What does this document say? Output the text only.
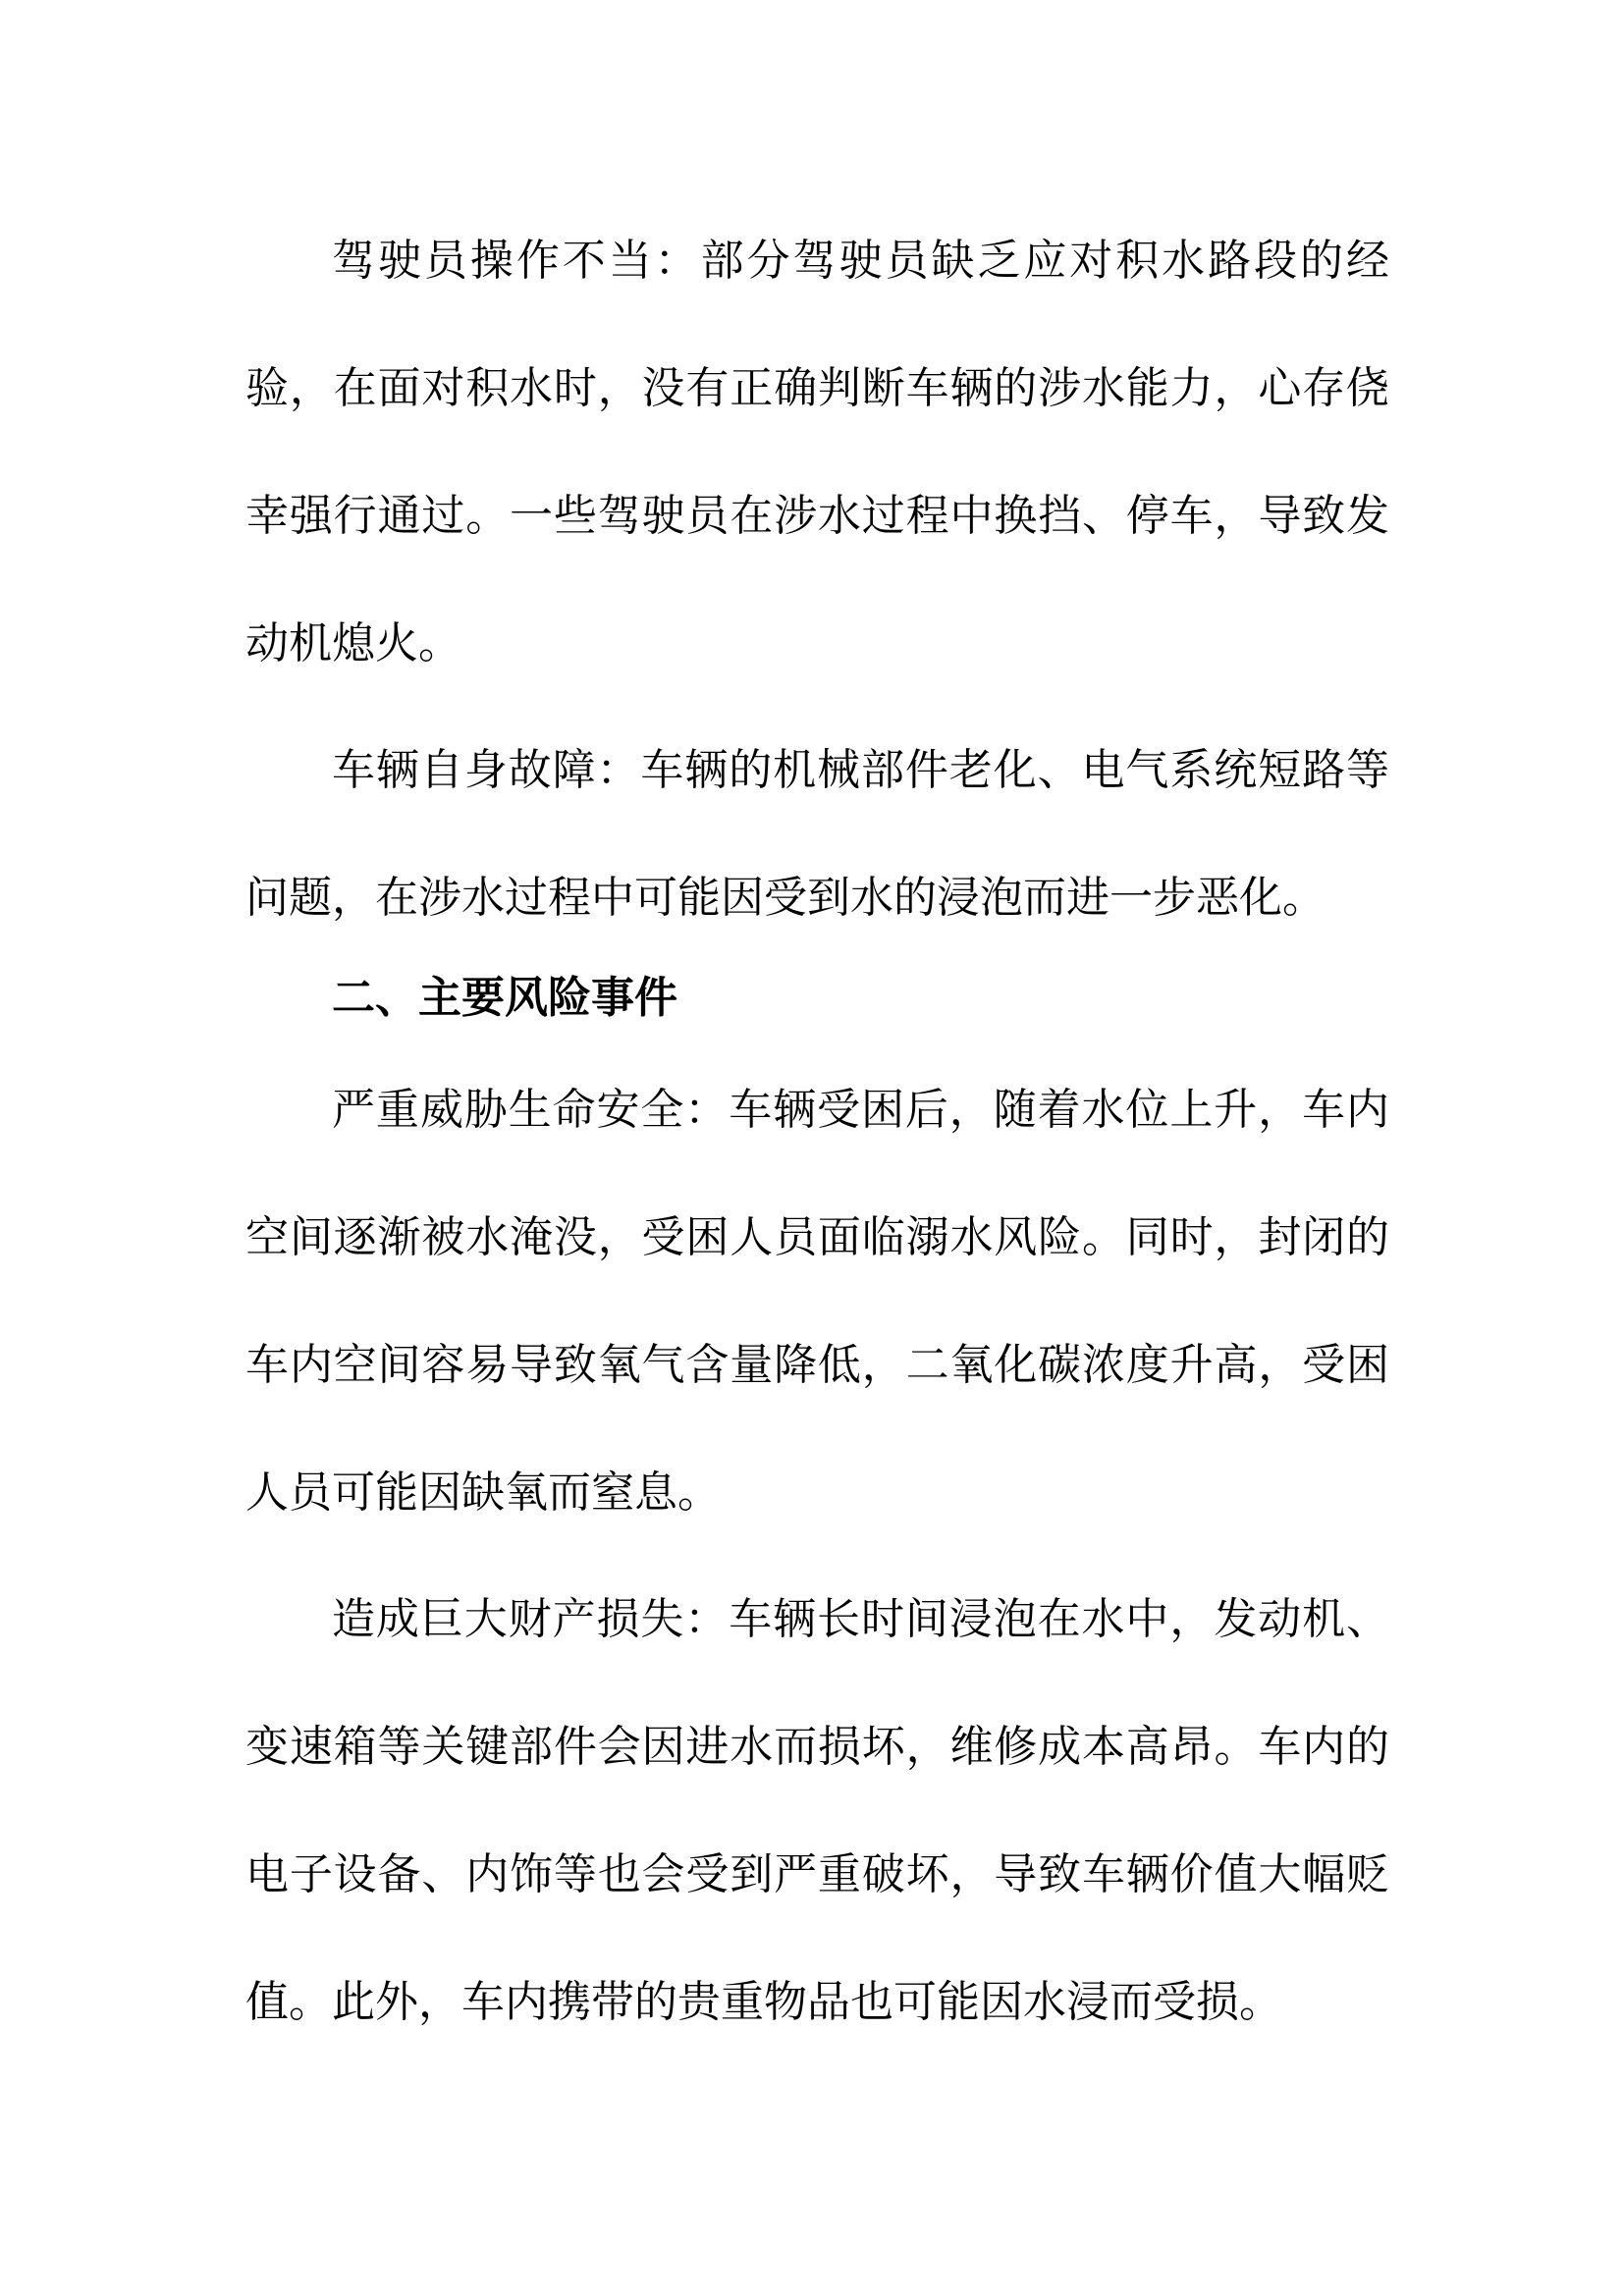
驾驶员操作不当：部分驾驶员缺乏应对积水路段的经验，在面对积水时，没有正确判断车辆的涉水能力，心存侥幸强行通过。一些驾驶员在涉水过程中换挡、停车，导致发动机熄火。

车辆自身故障：车辆的机械部件老化、电气系统短路等问题，在涉水过程中可能因受到水的浸泡而进一步恶化。

二、主要风险事件

严重威胁生命安全：车辆受困后，随着水位上升，车内空间逐渐被水淹没，受困人员面临溺水风险。同时，封闭的车内空间容易导致氧气含量降低，二氧化碳浓度升高，受困人员可能因缺氧而窒息。

造成巨大财产损失：车辆长时间浸泡在水中，发动机、变速箱等关键部件会因进水而损坏，维修成本高昂。车内的电子设备、内饰等也会受到严重破坏，导致车辆价值大幅贬值。此外，车内携带的贵重物品也可能因水浸而受损。
